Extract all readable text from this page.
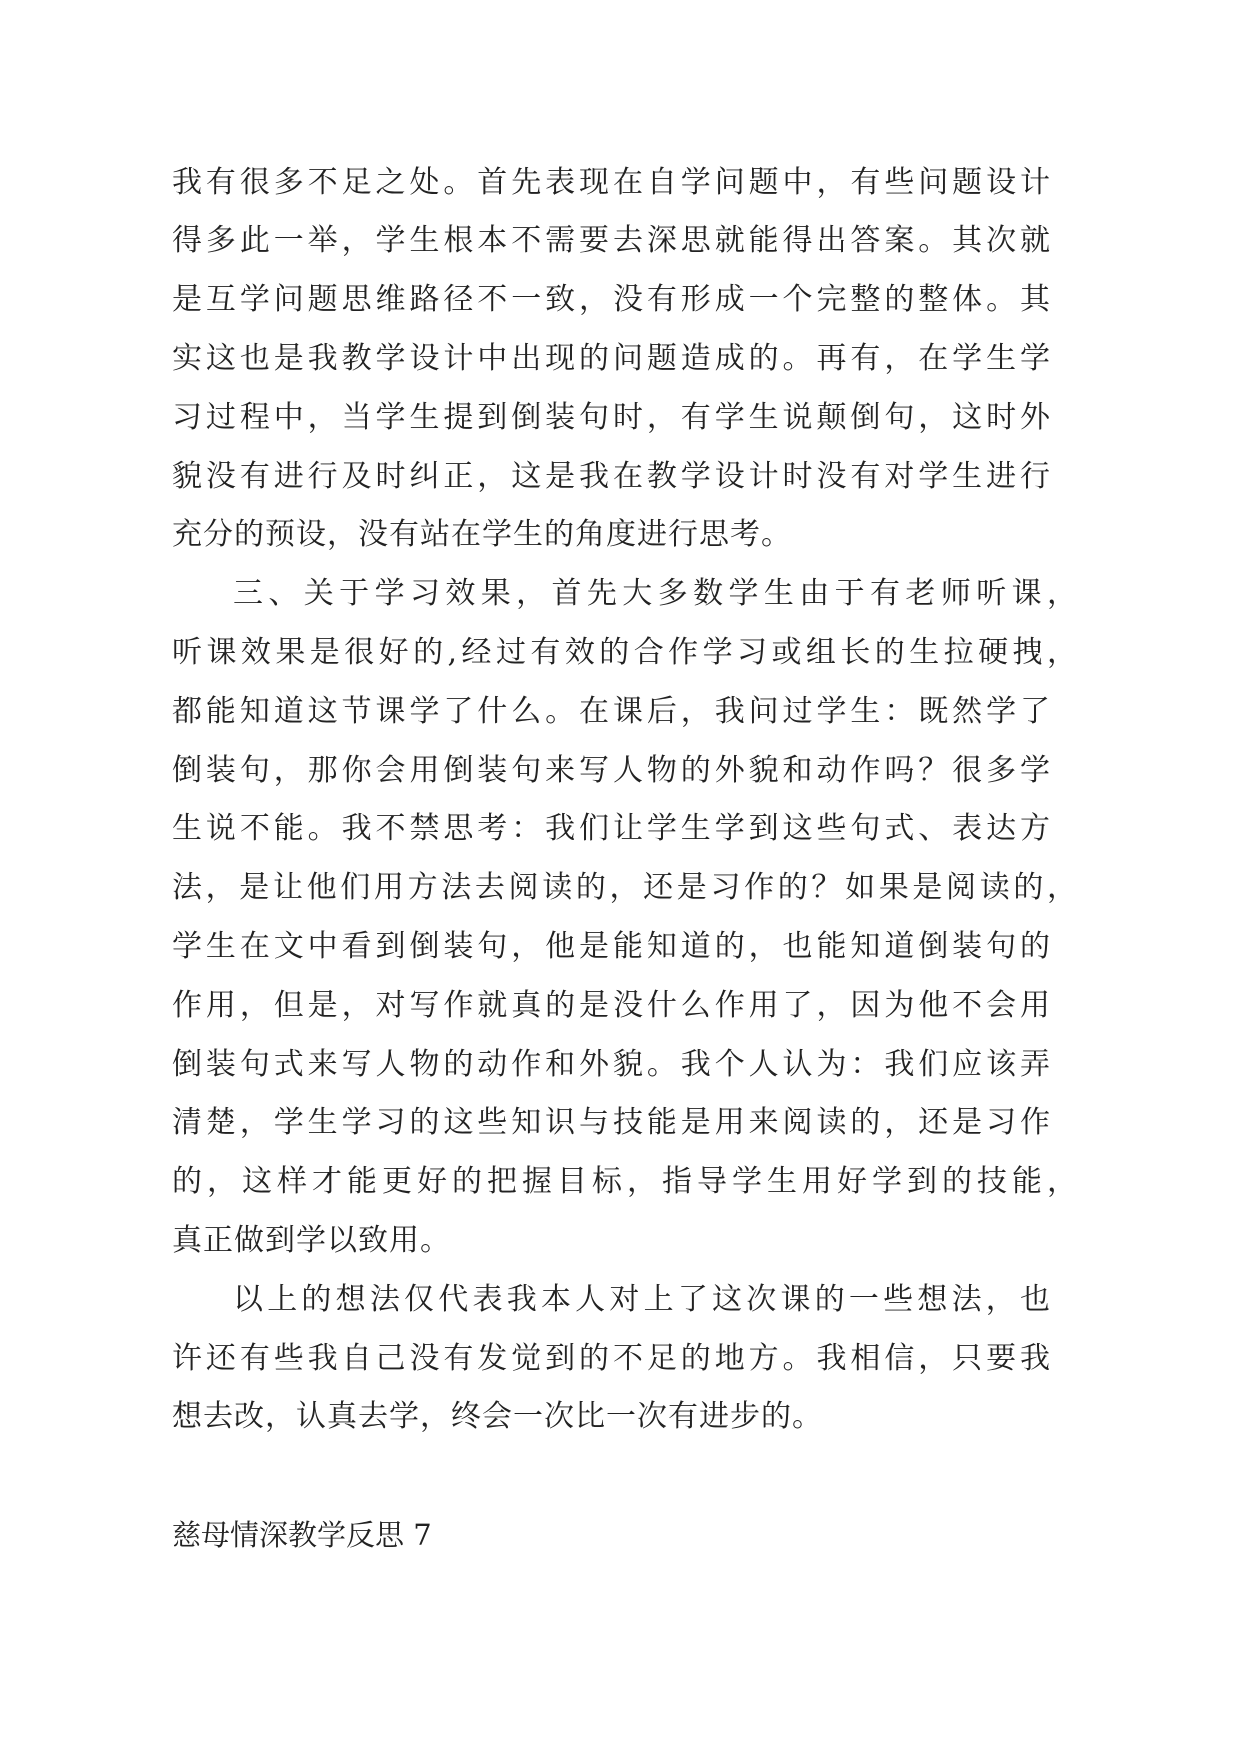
我有很多不足之处。首先表现在自学问题中，有些问题设计
得多此一举，学生根本不需要去深思就能得出答案。其次就
是互学问题思维路径不一致，没有形成一个完整的整体。其
实这也是我教学设计中出现的问题造成的。再有，在学生学
习过程中，当学生提到倒装句时，有学生说颠倒句，这时外
貌没有进行及时纠正，这是我在教学设计时没有对学生进行
充分的预设，没有站在学生的角度进行思考。
三、关于学习效果，首先大多数学生由于有老师听课，
听课效果是很好的,经过有效的合作学习或组长的生拉硬拽，
都能知道这节课学了什么。在课后，我问过学生：既然学了
倒装句，那你会用倒装句来写人物的外貌和动作吗？很多学
生说不能。我不禁思考：我们让学生学到这些句式、表达方
法，是让他们用方法去阅读的，还是习作的？如果是阅读的，
学生在文中看到倒装句，他是能知道的，也能知道倒装句的
作用，但是，对写作就真的是没什么作用了，因为他不会用
倒装句式来写人物的动作和外貌。我个人认为：我们应该弄
清楚，学生学习的这些知识与技能是用来阅读的，还是习作
的，这样才能更好的把握目标，指导学生用好学到的技能，
真正做到学以致用。
以上的想法仅代表我本人对上了这次课的一些想法，也
许还有些我自己没有发觉到的不足的地方。我相信，只要我
想去改，认真去学，终会一次比一次有进步的。
慈母情深教学反思 7
